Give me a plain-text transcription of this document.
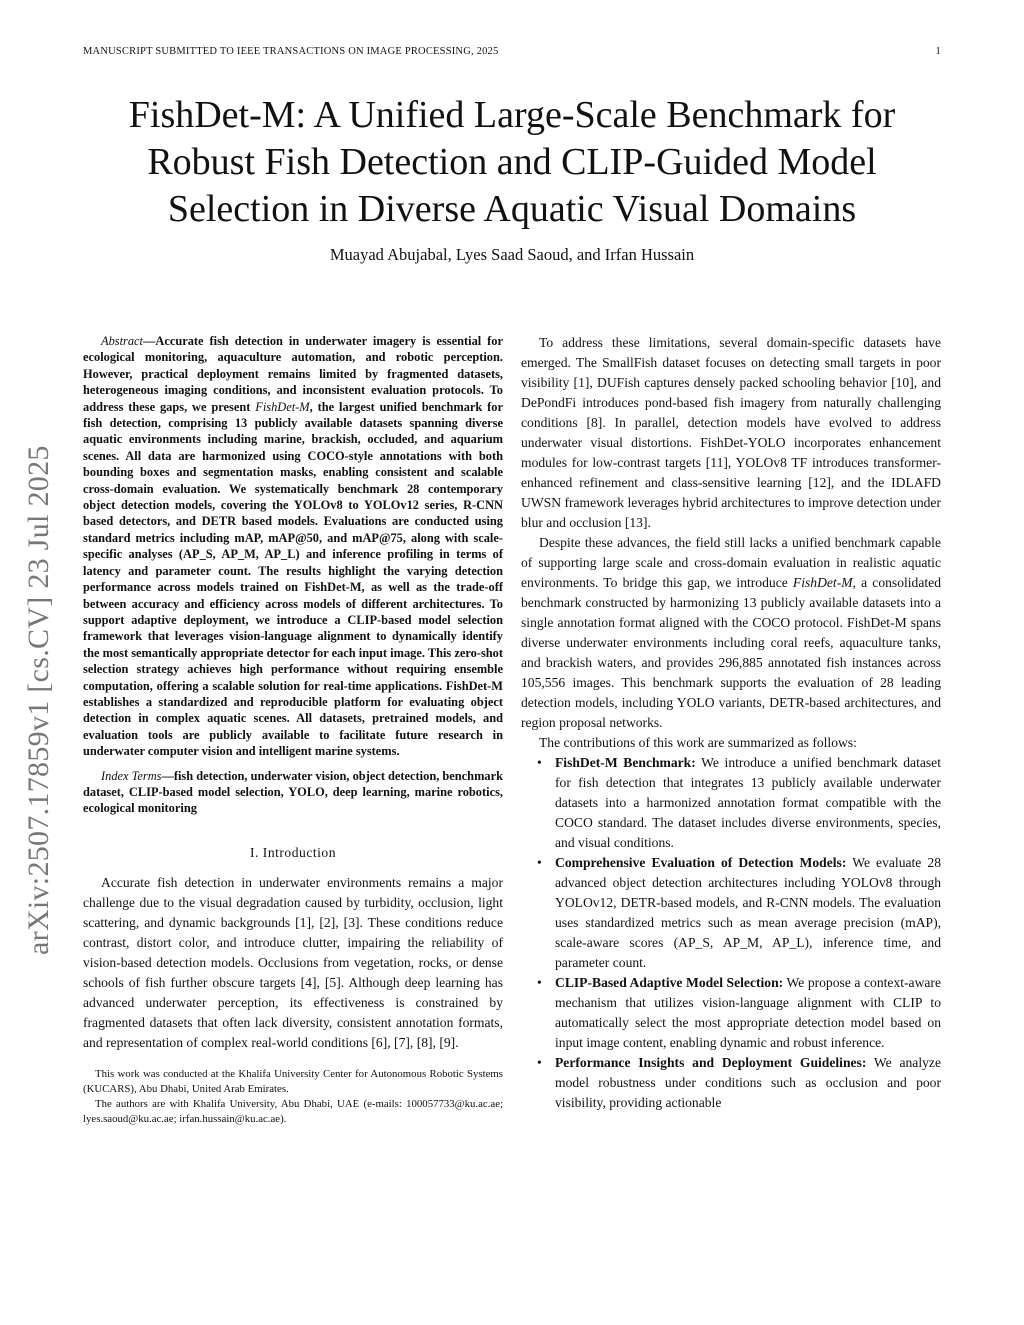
MANUSCRIPT SUBMITTED TO IEEE TRANSACTIONS ON IMAGE PROCESSING, 2025	1
arXiv:2507.17859v1 [cs.CV] 23 Jul 2025
FishDet-M: A Unified Large-Scale Benchmark for
Robust Fish Detection and CLIP-Guided Model
Selection in Diverse Aquatic Visual Domains
Muayad Abujabal, Lyes Saad Saoud, and Irfan Hussain

Abstract—Accurate fish detection in underwater imagery is essential for ecological monitoring, aquaculture automation, and robotic perception. However, practical deployment remains limited by fragmented datasets, heterogeneous imaging conditions, and inconsistent evaluation protocols. To address these gaps, we present FishDet-M, the largest unified benchmark for fish detection, comprising 13 publicly available datasets spanning diverse aquatic environments including marine, brackish, occluded, and aquarium scenes. All data are harmonized using COCO-style annotations with both bounding boxes and segmentation masks, enabling consistent and scalable cross-domain evaluation. We systematically benchmark 28 contemporary object detection models, covering the YOLOv8 to YOLOv12 series, R-CNN based detectors, and DETR based models. Evaluations are conducted using standard metrics including mAP, mAP@50, and mAP@75, along with scale-specific analyses (AP_S, AP_M, AP_L) and inference profiling in terms of latency and parameter count. The results highlight the varying detection performance across models trained on FishDet-M, as well as the trade-off between accuracy and efficiency across models of different architectures. To support adaptive deployment, we introduce a CLIP-based model selection framework that leverages vision-language alignment to dynamically identify the most semantically appropriate detector for each input image. This zero-shot selection strategy achieves high performance without requiring ensemble computation, offering a scalable solution for real-time applications. FishDet-M establishes a standardized and reproducible platform for evaluating object detection in complex aquatic scenes. All datasets, pretrained models, and evaluation tools are publicly available to facilitate future research in underwater computer vision and intelligent marine systems.

Index Terms—fish detection, underwater vision, object detection, benchmark dataset, CLIP-based model selection, YOLO, deep learning, marine robotics, ecological monitoring

I. Introduction

Accurate fish detection in underwater environments remains a major challenge due to the visual degradation caused by turbidity, occlusion, light scattering, and dynamic backgrounds [1], [2], [3]. These conditions reduce contrast, distort color, and introduce clutter, impairing the reliability of vision-based detection models. Occlusions from vegetation, rocks, or dense schools of fish further obscure targets [4], [5]. Although deep learning has advanced underwater perception, its effectiveness is constrained by fragmented datasets that often lack diversity, consistent annotation formats, and representation of complex real-world conditions [6], [7], [8], [9].

This work was conducted at the Khalifa University Center for Autonomous Robotic Systems (KUCARS), Abu Dhabi, United Arab Emirates.

The authors are with Khalifa University, Abu Dhabi, UAE (e-mails: 100057733@ku.ac.ae; lyes.saoud@ku.ac.ae; irfan.hussain@ku.ac.ae).

To address these limitations, several domain-specific datasets have emerged. The SmallFish dataset focuses on detecting small targets in poor visibility [1], DUFish captures densely packed schooling behavior [10], and DePondFi introduces pond-based fish imagery from naturally challenging conditions [8]. In parallel, detection models have evolved to address underwater visual distortions. FishDet-YOLO incorporates enhancement modules for low-contrast targets [11], YOLOv8 TF introduces transformer-enhanced refinement and class-sensitive learning [12], and the IDLAFD UWSN framework leverages hybrid architectures to improve detection under blur and occlusion [13].

Despite these advances, the field still lacks a unified benchmark capable of supporting large scale and cross-domain evaluation in realistic aquatic environments. To bridge this gap, we introduce FishDet-M, a consolidated benchmark constructed by harmonizing 13 publicly available datasets into a single annotation format aligned with the COCO protocol. FishDet-M spans diverse underwater environments including coral reefs, aquaculture tanks, and brackish waters, and provides 296,885 annotated fish instances across 105,556 images. This benchmark supports the evaluation of 28 leading detection models, including YOLO variants, DETR-based architectures, and region proposal networks.

The contributions of this work are summarized as follows:

• FishDet-M Benchmark: We introduce a unified benchmark dataset for fish detection that integrates 13 publicly available underwater datasets into a harmonized annotation format compatible with the COCO standard. The dataset includes diverse environments, species, and visual conditions.
• Comprehensive Evaluation of Detection Models: We evaluate 28 advanced object detection architectures including YOLOv8 through YOLOv12, DETR-based models, and R-CNN models. The evaluation uses standardized metrics such as mean average precision (mAP), scale-aware scores (AP_S, AP_M, AP_L), inference time, and parameter count.
• CLIP-Based Adaptive Model Selection: We propose a context-aware mechanism that utilizes vision-language alignment with CLIP to automatically select the most appropriate detection model based on input image content, enabling dynamic and robust inference.
• Performance Insights and Deployment Guidelines: We analyze model robustness under conditions such as occlusion and poor visibility, providing actionable
